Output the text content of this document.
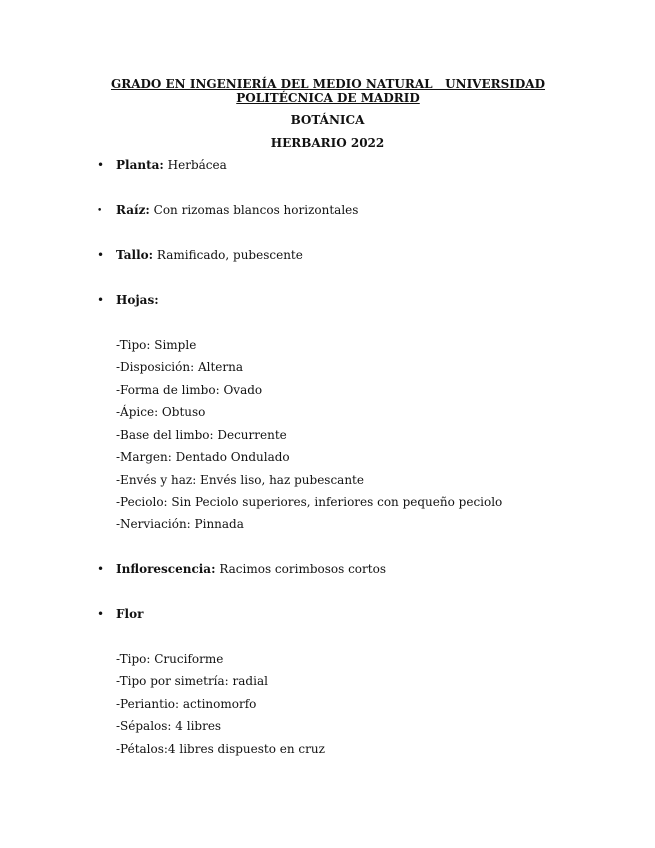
GRADO EN INGENIERÍA DEL MEDIO NATURAL   UNIVERSIDAD
POLITÉCNICA DE MADRID
BOTÁNICA
HERBARIO 2022
• Planta: Herbácea
• Raíz: Con rizomas blancos horizontales
• Tallo: Ramificado, pubescente
• Hojas:
-Tipo: Simple
-Disposición: Alterna
-Forma de limbo: Ovado
-Ápice: Obtuso
-Base del limbo: Decurrente
-Margen: Dentado Ondulado
-Envés y haz: Envés liso, haz pubescante
-Peciolo: Sin Peciolo superiores, inferiores con pequeño peciolo
-Nerviación: Pinnada
• Inflorescencia: Racimos corimbosos cortos
• Flor
-Tipo: Cruciforme
-Tipo por simetría: radial
-Periantio: actinomorfo
-Sépalos: 4 libres
-Pétalos:4 libres dispuesto en cruz
